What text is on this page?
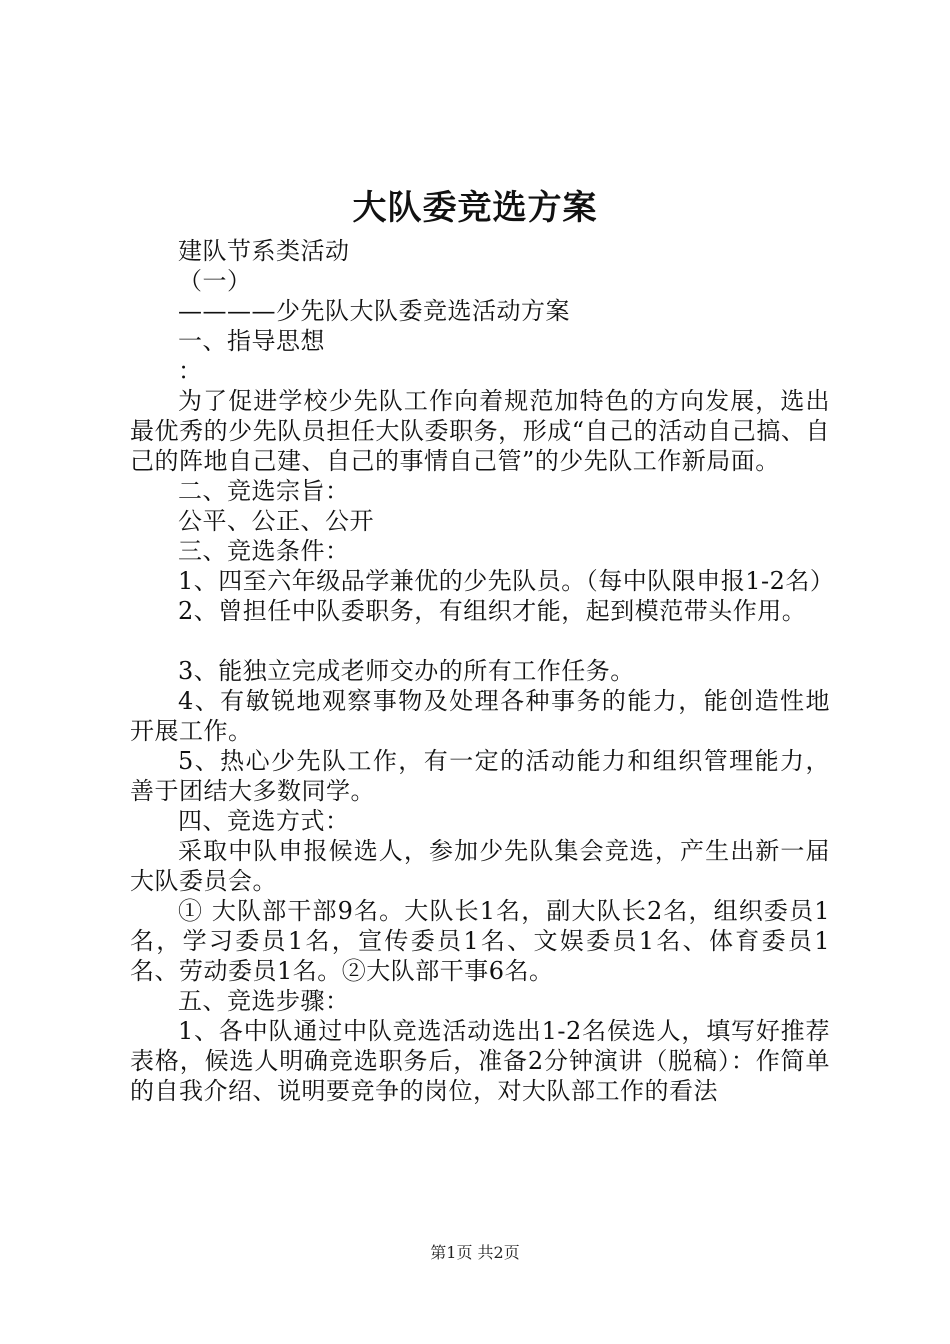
大队委竞选方案

建队节系类活动

（一）

————少先队大队委竞选活动方案

一、指导思想

：

为了促进学校少先队工作向着规范加特色的方向发展，选出最优秀的少先队员担任大队委职务，形成“自己的活动自己搞、自己的阵地自己建、自己的事情自己管”的少先队工作新局面。

二、竞选宗旨：

公平、公正、公开

三、竞选条件：

1、四至六年级品学兼优的少先队员。（每中队限申报1-2名）

2、曾担任中队委职务，有组织才能，起到模范带头作用。

3、能独立完成老师交办的所有工作任务。

4、有敏锐地观察事物及处理各种事务的能力，能创造性地开展工作。

5、热心少先队工作，有一定的活动能力和组织管理能力，善于团结大多数同学。

四、竞选方式：

采取中队申报候选人，参加少先队集会竞选，产生出新一届大队委员会。

① 大队部干部9名。大队长1名，副大队长2名，组织委员1名，学习委员1名，宣传委员1名、文娱委员1名、体育委员1名、劳动委员1名。②大队部干事6名。

五、竞选步骤：

1、各中队通过中队竞选活动选出1-2名侯选人，填写好推荐表格，候选人明确竞选职务后，准备2分钟演讲（脱稿）：作简单的自我介绍、说明要竞争的岗位，对大队部工作的看法

第1页 共2页
